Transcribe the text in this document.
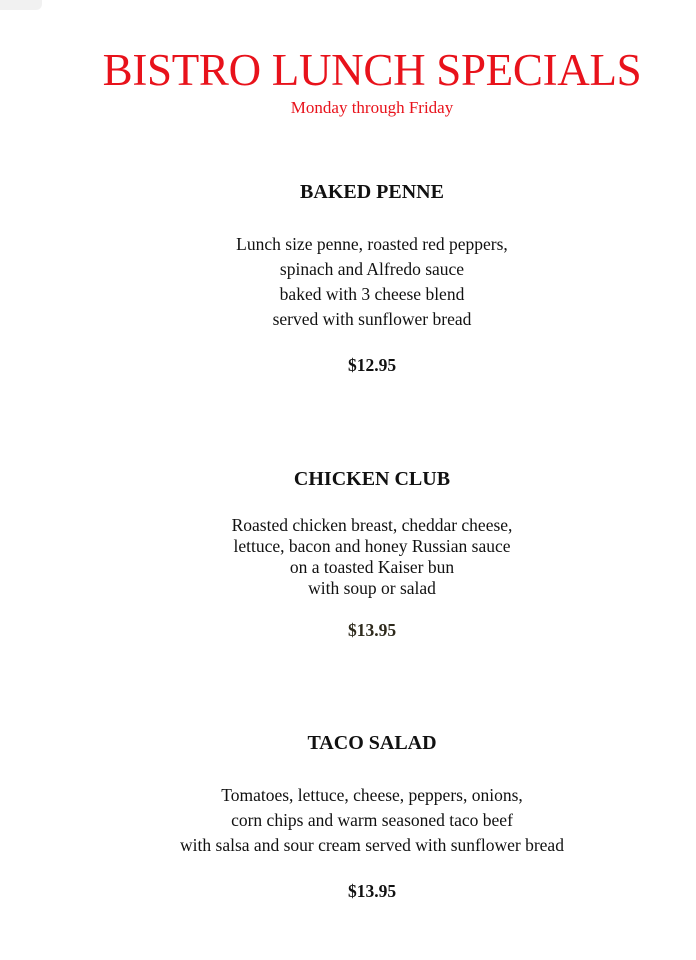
BISTRO LUNCH SPECIALS
Monday through Friday
BAKED PENNE
Lunch size penne, roasted red peppers,
spinach and Alfredo sauce
baked with 3 cheese blend
served with sunflower bread
$12.95
CHICKEN CLUB
Roasted chicken breast, cheddar cheese,
lettuce, bacon and honey Russian sauce
on a toasted Kaiser bun
with soup or salad
$13.95
TACO SALAD
Tomatoes, lettuce, cheese, peppers, onions,
corn chips and warm seasoned taco beef
with salsa and sour cream served with sunflower bread
$13.95
